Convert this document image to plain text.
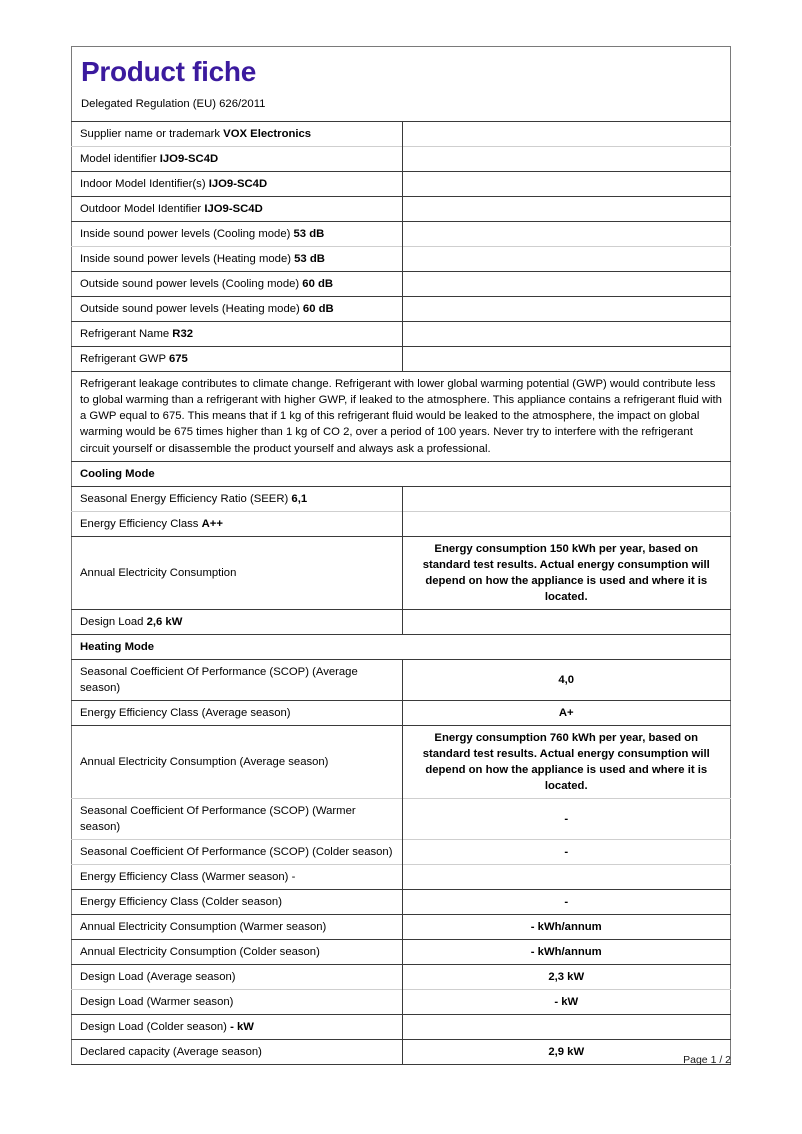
Product fiche
Delegated Regulation (EU) 626/2011
Supplier name or trademark VOX Electronics	
Model identifier IJO9-SC4D	
Indoor Model Identifier(s) IJO9-SC4D	
Outdoor Model Identifier IJO9-SC4D	
Inside sound power levels (Cooling mode) 53 dB	
Inside sound power levels (Heating mode) 53 dB	
Outside sound power levels (Cooling mode) 60 dB	
Outside sound power levels (Heating mode) 60 dB	
Refrigerant Name R32	
Refrigerant GWP 675	
Refrigerant leakage contributes to climate change. Refrigerant with lower global warming potential (GWP) would contribute less to global warming than a refrigerant with higher GWP, if leaked to the atmosphere. This appliance contains a refrigerant fluid with a GWP equal to 675. This means that if 1 kg of this refrigerant fluid would be leaked to the atmosphere, the impact on global warming would be 675 times higher than 1 kg of CO 2, over a period of 100 years. Never try to interfere with the refrigerant circuit yourself or disassemble the product yourself and always ask a professional.	
Cooling Mode	
Seasonal Energy Efficiency Ratio (SEER) 6,1	
Energy Efficiency Class A++	
Annual Electricity Consumption	Energy consumption 150 kWh per year, based on standard test results. Actual energy consumption will depend on how the appliance is used and where it is located.
Design Load 2,6 kW	
Heating Mode	
Seasonal Coefficient Of Performance (SCOP) (Average season)	4,0
Energy Efficiency Class (Average season)	A+
Annual Electricity Consumption (Average season)	Energy consumption 760 kWh per year, based on standard test results. Actual energy consumption will depend on how the appliance is used and where it is located.
Seasonal Coefficient Of Performance (SCOP) (Warmer season)	-
Seasonal Coefficient Of Performance (SCOP) (Colder season)	-
Energy Efficiency Class (Warmer season) -	
Energy Efficiency Class (Colder season)	-
Annual Electricity Consumption (Warmer season)	- kWh/annum
Annual Electricity Consumption (Colder season)	- kWh/annum
Design Load (Average season)	2,3 kW
Design Load (Warmer season)	- kW
Design Load (Colder season) - kW	
Declared capacity (Average season)	2,9 kW
Page 1 / 2
